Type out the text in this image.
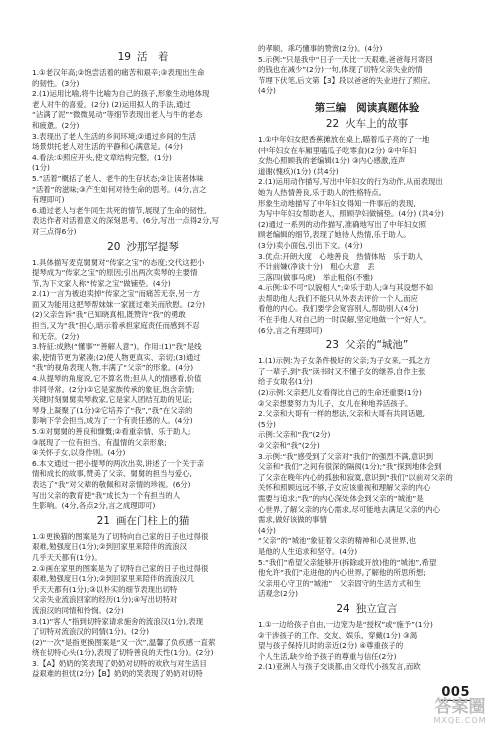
19 活　着

1.①老汉年高;②饱尝活着的痛苦和艰辛;③表现出生命

的韧性。(3分)

2.(1)运用比喻,将牛比喻为自己的孩子,形象生动地体现

老人对牛的喜爱。(2分) (2)运用拟人的手法,通过

“沾满了泥”“微微晃动”等细节表现出老人与牛的老态

和疲惫。(2分)

3.表现出了老人生活的乡间环境;②通过乡间的生活

场景烘托老人对生活的平静和心满意足。(4分)

4.看法:①照应开头,使文章结构完整。(1分)

(1分)

5.“活着”概括了老人、老牛的生存状态;②让读者体味

“活着”的滋味;③产生如何对待生命的思考。(4分,言之

有理即可)

6.通过老人与老牛同生共死的情节,展现了生命的韧性,

表达作者对活着意义的深刻思考。(6分,写出一点得2分,写

对三点得6分)

20 沙那罕提琴

1.具体描写麦克舅舅对“传家之宝”的态度;交代这把小

提琴成为“传家之宝”的原因;引出两次卖琴的主要情

节,为下文家人称“传家之宝”做铺垫。(4分)

2.(1)一言为被迫卖掉“传家之宝”而痛苦无奈,另一方

面又为能用这把琴帮妹妹一家渡过难关而欣慰。(2分)

(2)父亲告诉“我”已知晓真相,既赞许“我”的勇敢

担当,又为“我”担心,暗示着承担家庭责任而感到不忍

和无奈。(2分)

3.特征:成熟(“懂事”“善解人意”)。作用:(1)“我”是线

索,使情节更为紧凑;(2)使人物更真实、亲切;(3)通过

“我”的视角表现人物,丰满了“父亲”的形象。(4分)

4.从提琴的角度说,它不算名贵;但从人的情感看,价值

非同寻常。(2分)①它是家族传承的象征,饱含亲情;

关键时刻舅舅卖琴救家,它是家人团结互助的见证;

琴身上凝聚了(1分)②它培养了“我”,“我”在父亲的

影响下学会担当,成为了一个有责任感的人。(4分)

5.①对舅舅的善良和慷慨;②看重亲情、乐于助人;

③展现了一位有担当、有温情的父亲形象;

④关怀子女,以身作则。(4分)

6.本文通过一把小提琴的两次出卖,讲述了一个关于亲

情和成长的故事,赞美了父亲、舅舅的担当与爱心,

表达了“我”对父辈的敬佩和对亲情的珍视。(6分)

写出父亲的教育使“我”成长为一个有担当的人

生影响。(4分,各点2分,言之成理即可)

21 画在门柱上的猫

1.①更换猫的图案是为了切特向自己家的日子也过得很

艰难,勉强度日(1分);②到回家里来陪伴的流浪汉

几乎天天都有(1分)。

2.①画在家里的图案是为了切特自己家的日子也过得很

艰难,勉强度日(1分);②到回家里来陪伴的流浪汉几

乎天天都有(1分);③以朴实的细节表现出切特

父亲失业流浪回家的经历(1分);④写出切特对

流浪汉的同情和怜悯。(2分)

3.(1)“客人”指到切特家请求施舍的流浪汉(1分),表现

了切特对流浪汉的同情(1分)。(2分)

(2)“一次”是指更换图案是“又一次”,温馨了负疚感一直萦

绕在切特心头(1分),表现了切特善良的天性(1分)。(2分)

3.【A】奶奶的笑表现了奶奶对切特的欢欣与对生活目

益艰难的担忧(2分)【B】奶奶的笑表现了奶奶对切特

的孝顺、乖巧懂事的赞赏(2分)。(4分)

5.示例:“只是我中“日子一天比一天艰难,爸爸每月寄回

的钱也在减少”(2分)一句,体现了切特父亲失业的情

节埋下伏笔,后文第【3】段以爸爸的失业进行了照应。

(4分)

第三编 阅读真题体验
22 火车上的故事

1.①中年妇女把香蕉摊放在桌上,瞄着瓜子亮的了一地

(中年妇女在车厢里嗑瓜子吃零食)(2分) ②中年妇

女热心照顾我的老编辑(1分) ③内心感激,连声

道谢(愧疚)(1分) (共4分)

2.(1)运用动作描写,写出中年妇女的行为动作,从而表现出

她为人热情善良,乐于助人的性格特点。

形象生动地描写了中年妇女得知一件事后的表现,

为写中年妇女帮助老人、照顾孕妇做铺垫。(4分) (共4分)

(2)通过一系列的动作描写,准确地写出了中年妇女照

顾老编辑的细节,表现了她待人热情,乐于助人。

(3分)卖小面包,引出下文。(4分)

3.优点:开朗大度　心地善良　热情体贴　乐于助人

不计前嫌(净谈十分)　粗心大意　丢

三落四(做事马虎)　举止粗俗(不雅)

4.示例:①不可“以貌相人”;②乐于助人;③与其设想不如

去帮助他人;我们不能只从外表去评价一个人,而应

看他的内心。我们要学会宽容别人,帮助别人(4分)

不在手他人对自己的一时误解,坚定地做一个“好人”。

(6分,言之有理即可)

23 父亲的“城池”

1.(1)示例:为子女条件极好的父亲;为子女来,一孤之方

了一辈子,到“我”读书时又不懂子女的继养,自作主张

给子女取名(1分)

(2)示例:父亲把儿女看得比自己的生命还重要(1分)

②父亲想要努力为儿子、女儿在种地养活孩子。

2.父亲和大哥有一样的想法,父亲和大哥有共同话题,

(5分)

示例:父亲和“我”(2分)

②父亲和“我”(2分)

3.示例:“我”感受到了父亲对“我们”的强烈不满,意识到

父亲和“我们”之间有很深的隔阂(1分);“我”探到地体会到

了父亲在晚年内心的孤独和寂寞,意识到“我们”以前对父亲的

关怀和照顾远远不够,子女应该重视和理解父亲的内心

需要与追求;“我”的内心深处体会到父亲的“城池”是

心世界,了解父亲的内心需求,尽可能地去满足父亲的内心

需求,做好该做的事情

(4分)

“父亲”的“城池”象征着父亲的精神和心灵世界,也

是他的人生追求和坚守。(4分)

5.“我们”希望父亲能够开(拆除或开放)他的“城池”,希望

他允许“我们”走进他的内心世界,了解他的所思所想;

父亲用心守卫的“城池”　父亲固守的生活方式和生

活观念(2分)

24 独立宣言

1.①一边给孩子自由,一边宠为是“授权”或“施予”(1分)

②干涉孩子的工作、交友、娱乐、穿戴(1分) ③渴

望与孩子保持儿时的亲近(2分) ④尊重孩子的

个人生活,缺少给予孩子的尊重与信任(2分)

2.(1)亚洲人与孩子交谈都,由父母代小孩发言,而欧

005
答案圈
MXQE.COM
